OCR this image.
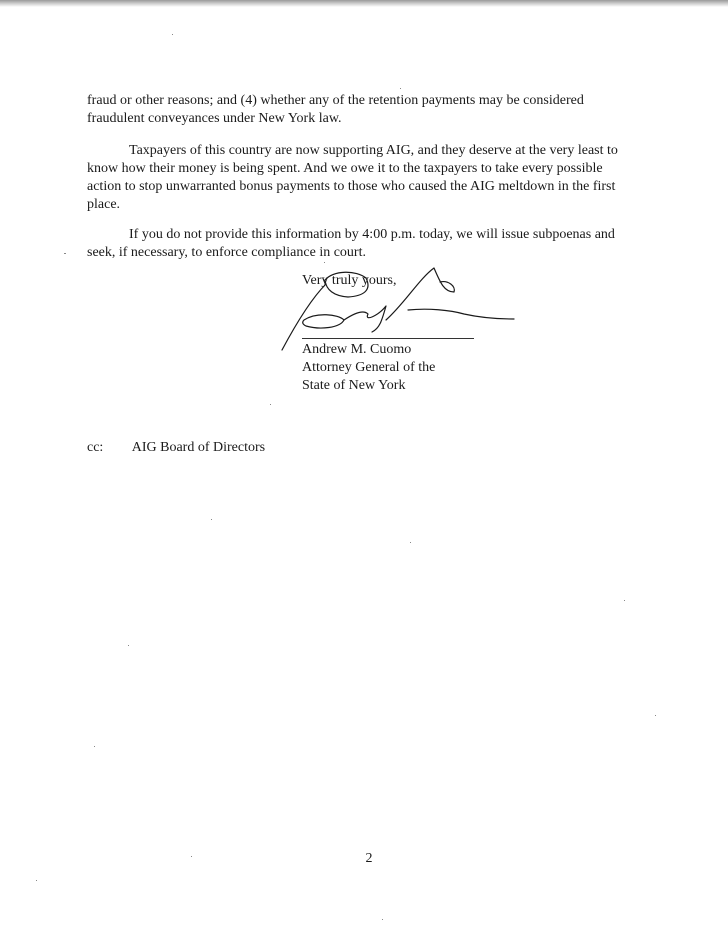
fraud or other reasons; and (4) whether any of the retention payments may be considered
fraudulent conveyances under New York law.

Taxpayers of this country are now supporting AIG, and they deserve at the very least to
know how their money is being spent. And we owe it to the taxpayers to take every possible
action to stop unwarranted bonus payments to those who caused the AIG meltdown in the first
place.

If you do not provide this information by 4:00 p.m. today, we will issue subpoenas and
seek, if necessary, to enforce compliance in court.

Very truly yours,
Andrew M. Cuomo
Attorney General of the
State of New York
cc: AIG Board of Directors
2
